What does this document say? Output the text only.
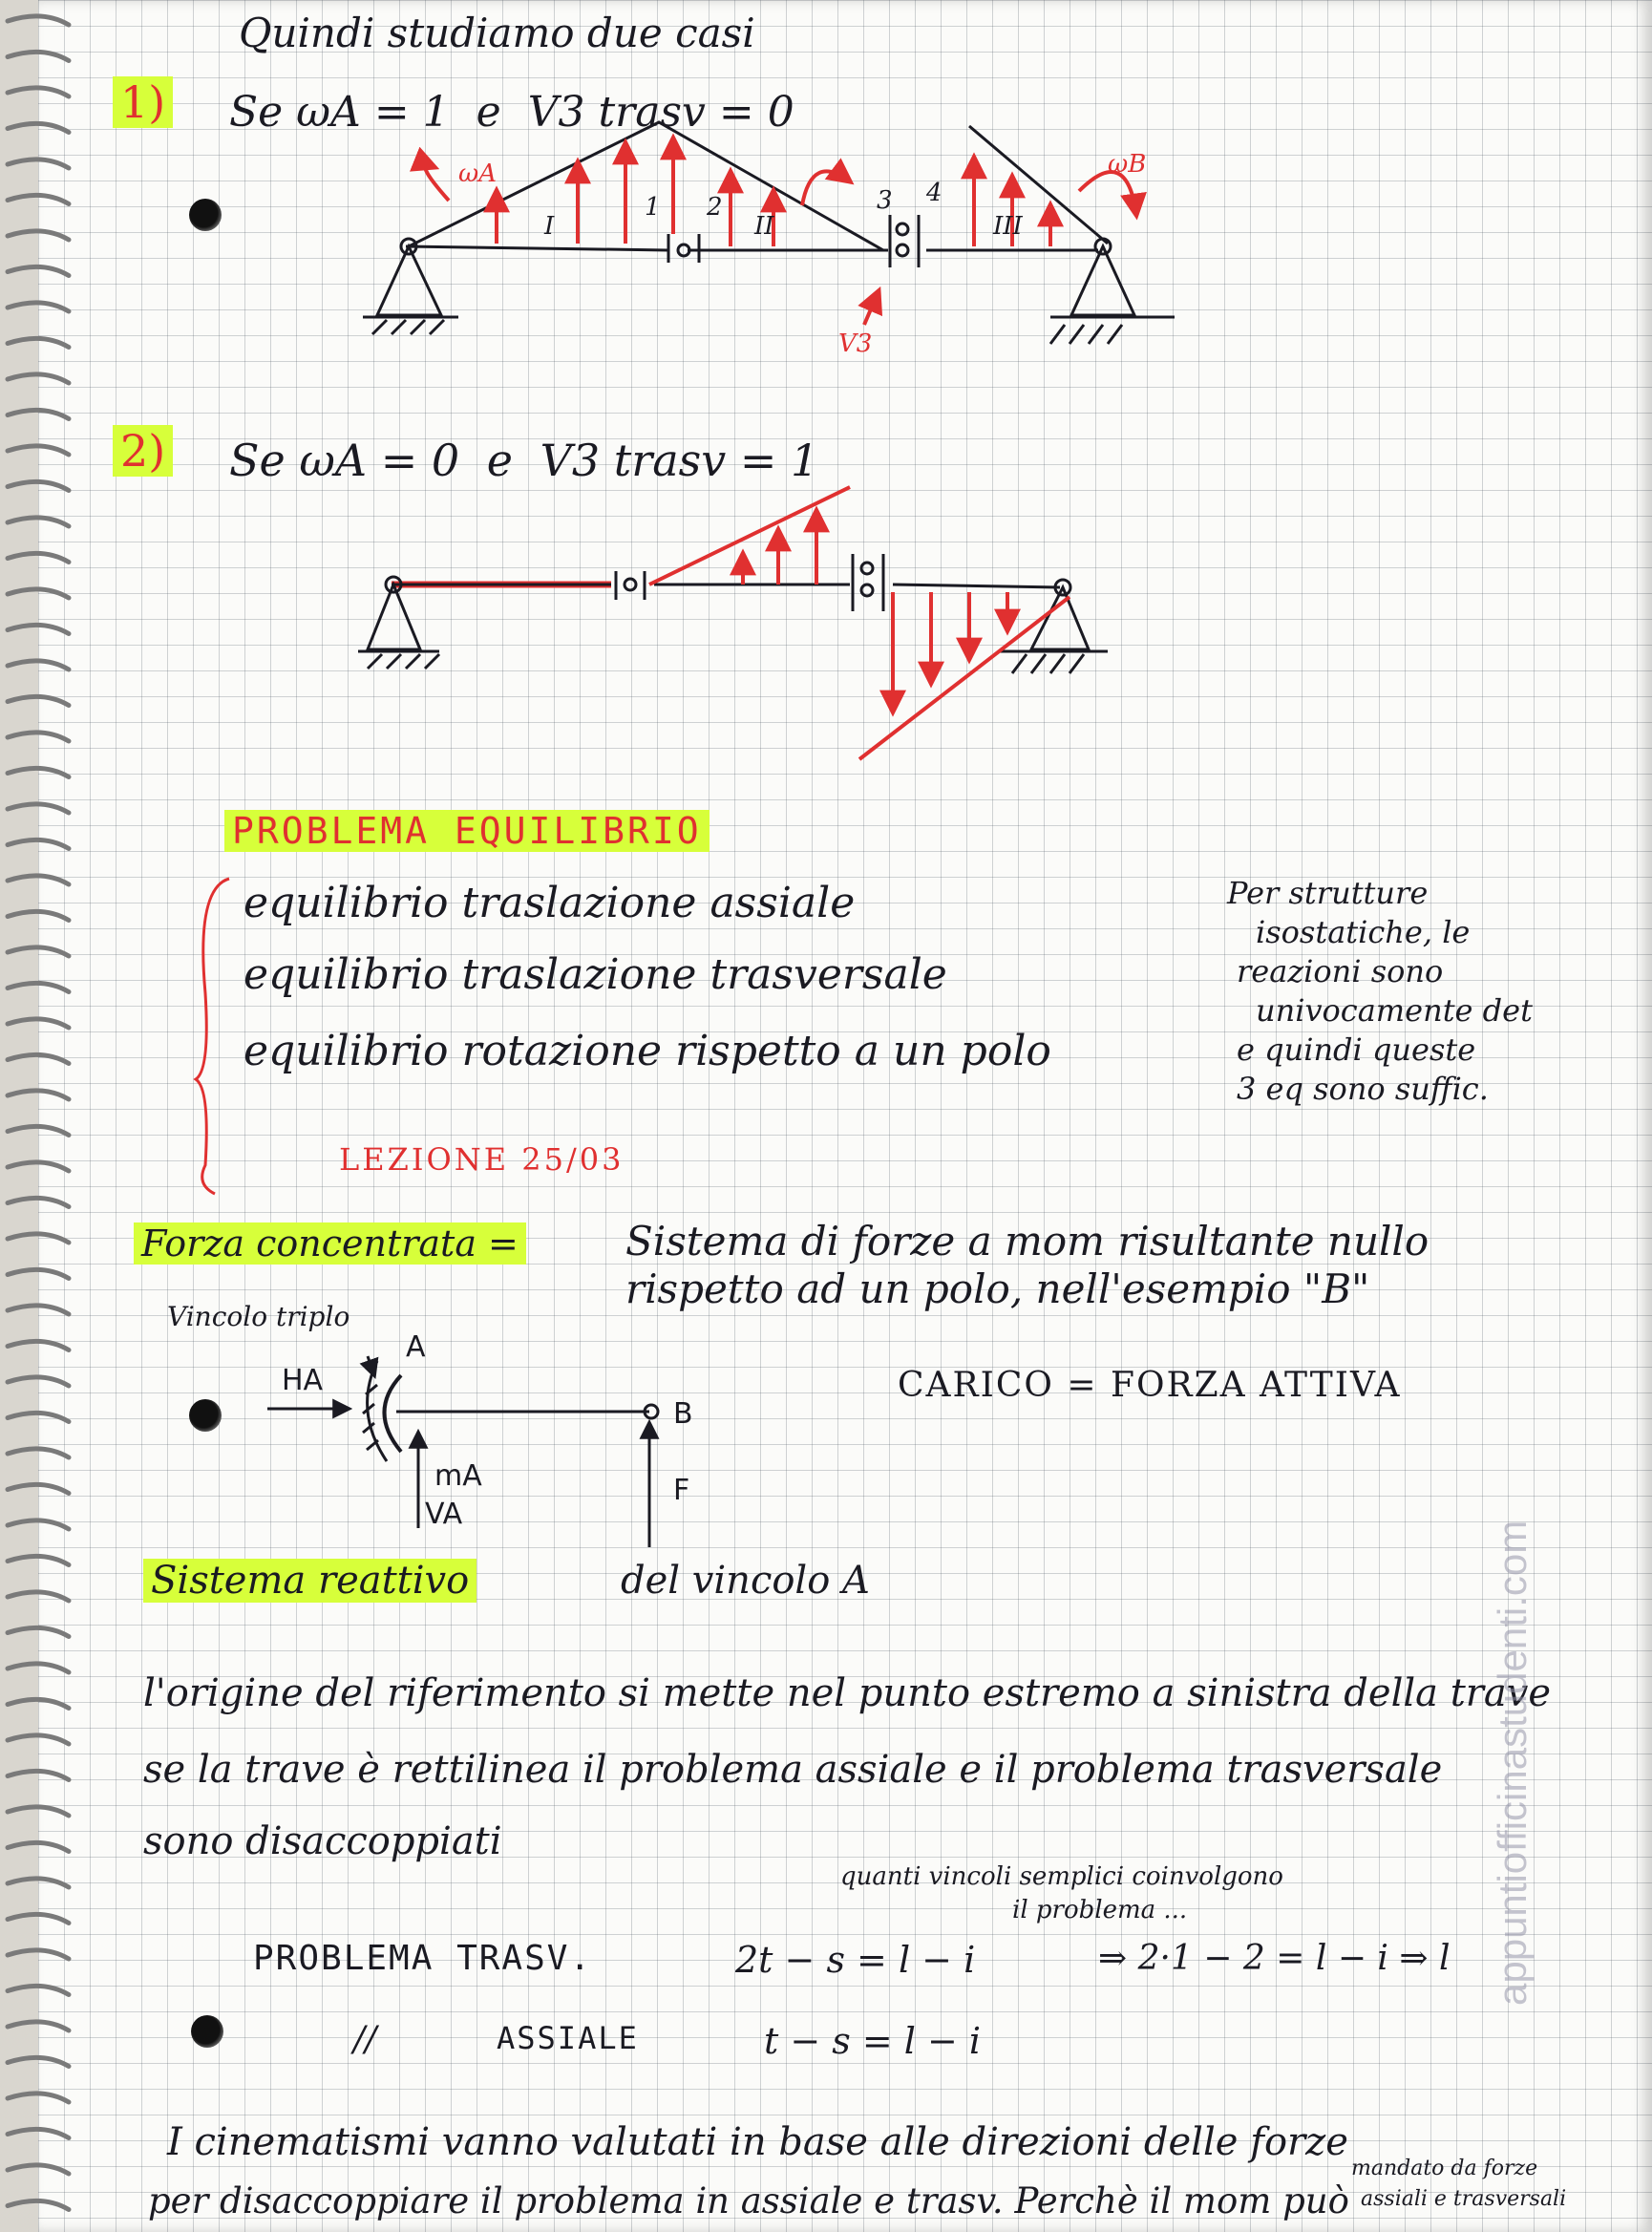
Quindi studiamo due casi
1) Se ωA = 1 e V3 trasv = 0
2) Se ωA = 0 e V3 trasv = 1
ωA	ωB
I	II	III
1 2	3 4
V3
A
B
F
HA
mA
VA
PROBLEMA EQUILIBRIO
equilibrio traslazione assiale
equilibrio traslazione trasversale
equilibrio rotazione rispetto a un polo
Per strutture
isostatiche, le
reazioni sono
univocamente det
e quindi queste
3 eq sono suffic.
LEZIONE 25/03
Forza concentrata =	Sistema di forze a mom risultante nullo
rispetto ad un polo, nell'esempio "B"
Vincolo triplo
CARICO = FORZA ATTIVA
Sistema reattivo	del vincolo A
l'origine del riferimento si mette nel punto estremo a sinistra della trave
se la trave è rettilinea il problema assiale e il problema trasversale
sono disaccoppiati
quanti vincoli semplici coinvolgono
il problema ...
PROBLEMA TRASV.	2t − s = l − i	⇒ 2·1 − 2 = l − i ⇒ l
//	ASSIALE	t − s = l − i
I cinematismi vanno valutati in base alle direzioni delle forze
per disaccoppiare il problema in assiale e trasv. Perchè il mom può
mandato da forze
assiali e trasversali
appuntiofficinastudenti.com
